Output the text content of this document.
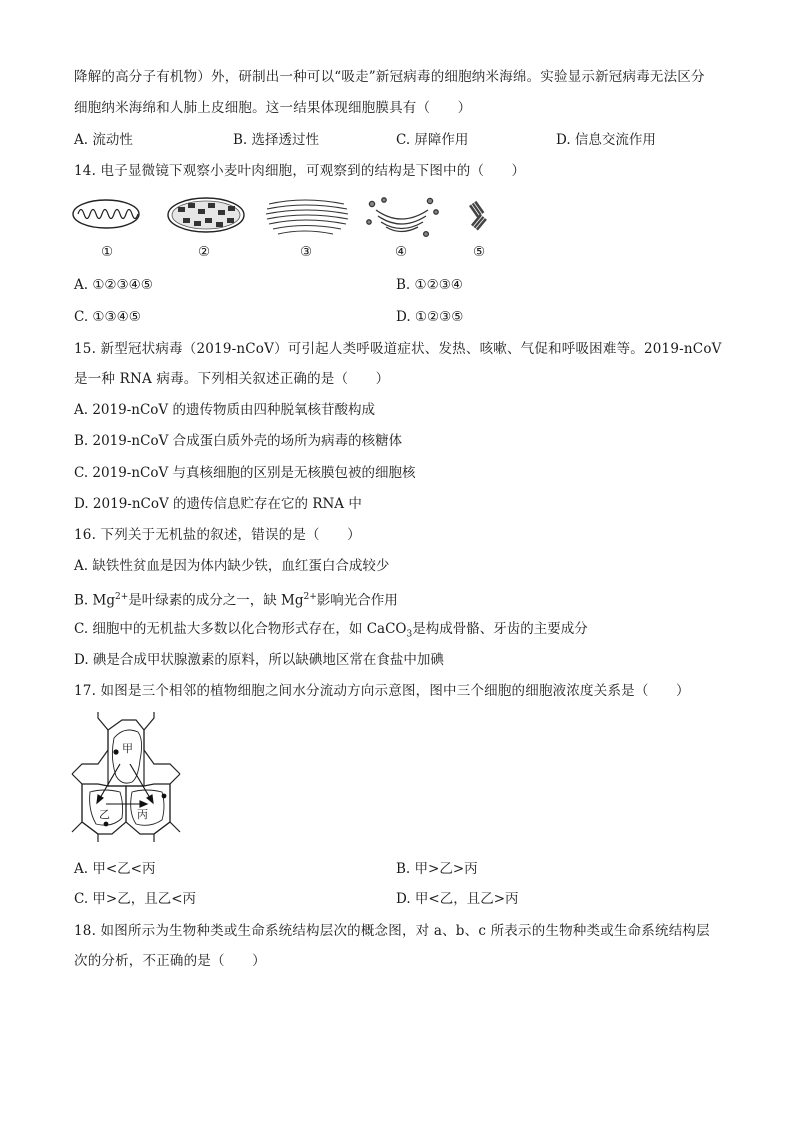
降解的高分子有机物）外，研制出一种可以“吸走”新冠病毒的细胞纳米海绵。实验显示新冠病毒无法区分
细胞纳米海绵和人肺上皮细胞。这一结果体现细胞膜具有（　　）
A. 流动性	B. 选择透过性	C. 屏障作用	D. 信息交流作用
14. 电子显微镜下观察小麦叶肉细胞，可观察到的结构是下图中的（　　）
①	②	③	④	⑤
A. ①②③④⑤	B. ①②③④
C. ①③④⑤	D. ①②③⑤
15. 新型冠状病毒（2019-nCoV）可引起人类呼吸道症状、发热、咳嗽、气促和呼吸困难等。2019-nCoV
是一种 RNA 病毒。下列相关叙述正确的是（　　）
A. 2019-nCoV 的遗传物质由四种脱氧核苷酸构成
B. 2019-nCoV 合成蛋白质外壳的场所为病毒的核糖体
C. 2019-nCoV 与真核细胞的区别是无核膜包被的细胞核
D. 2019-nCoV 的遗传信息贮存在它的 RNA 中
16. 下列关于无机盐的叙述，错误的是（　　）
A. 缺铁性贫血是因为体内缺少铁，血红蛋白合成较少
B. $Mg^{2+}$是叶绿素的成分之一，缺 $Mg^{2+}$影响光合作用
C. 细胞中的无机盐大多数以化合物形式存在，如 CaCO$_3$是构成骨骼、牙齿的主要成分
D. 碘是合成甲状腺激素的原料，所以缺碘地区常在食盐中加碘
17. 如图是三个相邻的植物细胞之间水分流动方向示意图，图中三个细胞的细胞液浓度关系是（　　）
甲
乙 丙
A. 甲<乙<丙	B. 甲>乙>丙
C. 甲>乙，且乙<丙	D. 甲<乙，且乙>丙
18. 如图所示为生物种类或生命系统结构层次的概念图，对 a、b、c 所表示的生物种类或生命系统结构层
次的分析，不正确的是（　　）
